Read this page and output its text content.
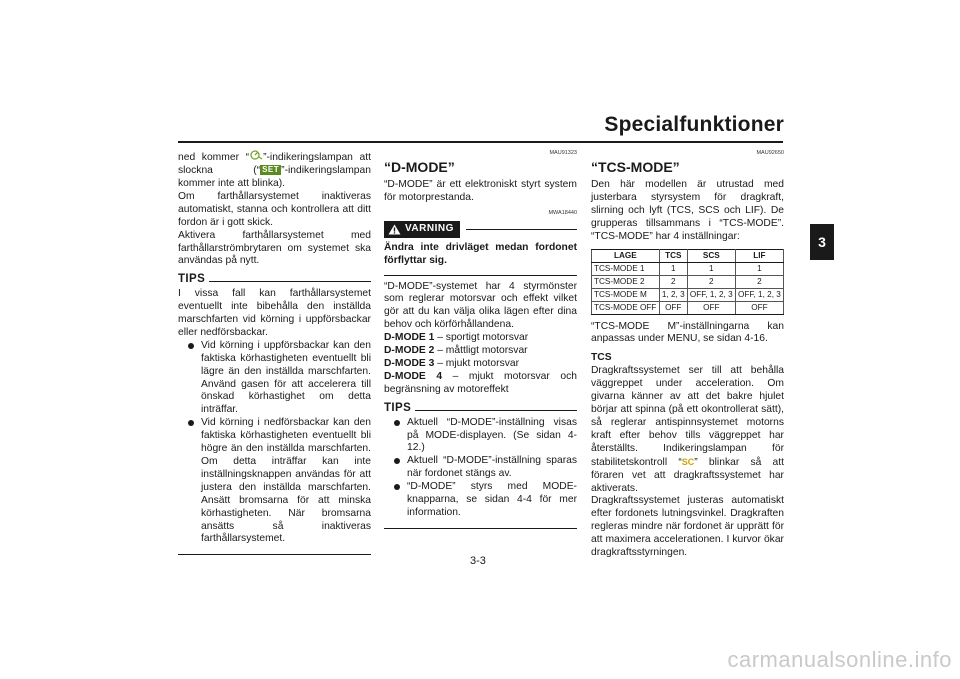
Specialfunktioner
3

ned kommer “ ”-indikeringslampan att slockna (“ SET ”-indikeringslampan kommer inte att blinka).

Om farthållarsystemet inaktiveras automatiskt, stanna och kontrollera att ditt fordon är i gott skick.

Aktivera farthållarsystemet med farthållarströmbrytaren om systemet ska användas på nytt.

TIPS

I vissa fall kan farthållarsystemet eventuellt inte bibehålla den inställda marschfarten vid körning i uppförsbackar eller nedförsbackar.

Vid körning i uppförsbackar kan den faktiska körhastigheten eventuellt bli lägre än den inställda marschfarten. Använd gasen för att accelerera till önskad körhastighet om detta inträffar.
Vid körning i nedförsbackar kan den faktiska körhastigheten eventuellt bli högre än den inställda marschfarten. Om detta inträffar kan inte inställningsknappen användas för att justera den inställda marschfarten. Ansätt bromsarna för att minska körhastigheten. När bromsarna ansätts så inaktiveras farthållarsystemet.
MAU91323
“D-MODE”

“D-MODE” är ett elektroniskt styrt system för motorprestanda.

MWA18440
VARNING

Ändra inte drivläget medan fordonet förflyttar sig.

“D-MODE”-systemet har 4 styrmönster som reglerar motorsvar och effekt vilket gör att du kan välja olika lägen efter dina behov och körförhållandena.

D-MODE 1 – sportigt motorsvar

D-MODE 2 – måttligt motorsvar

D-MODE 3 – mjukt motorsvar

D-MODE 4 – mjukt motorsvar och begränsning av motoreffekt

TIPS
Aktuell “D-MODE”-inställning visas på MODE-displayen. (Se sidan 4-12.)
Aktuell “D-MODE”-inställning sparas när fordonet stängs av.
“D-MODE” styrs med MODE-knapparna, se sidan 4-4 för mer information.
MAU92650
“TCS-MODE”

Den här modellen är utrustad med justerbara styrsystem för dragkraft, slirning och lyft (TCS, SCS och LIF). De grupperas tillsammans i “TCS-MODE”. “TCS-MODE” har 4 inställningar:

LAGE	TCS	SCS	LIF
TCS-MODE 1	1	1	1
TCS-MODE 2	2	2	2
TCS-MODE M	1, 2, 3	OFF, 1, 2, 3	OFF, 1, 2, 3
TCS-MODE OFF	OFF	OFF	OFF

“TCS-MODE M”-inställningarna kan anpassas under MENU, se sidan 4-16.

TCS

Dragkraftssystemet ser till att behålla väggreppet under acceleration. Om givarna känner av att det bakre hjulet börjar att spinna (på ett okontrollerat sätt), så reglerar antispinnsystemet motorns kraft efter behov tills väggreppet har återställts. Indikeringslampan för stabilitetskontroll “SC” blinkar så att föraren vet att dragkraftssystemet har aktiverats.

Dragkraftssystemet justeras automatiskt efter fordonets lutningsvinkel. Dragkraften regleras mindre när fordonet är upprätt för att maximera accelerationen. I kurvor ökar dragkraftsstyrningen.

3-3
carmanualsonline.info
